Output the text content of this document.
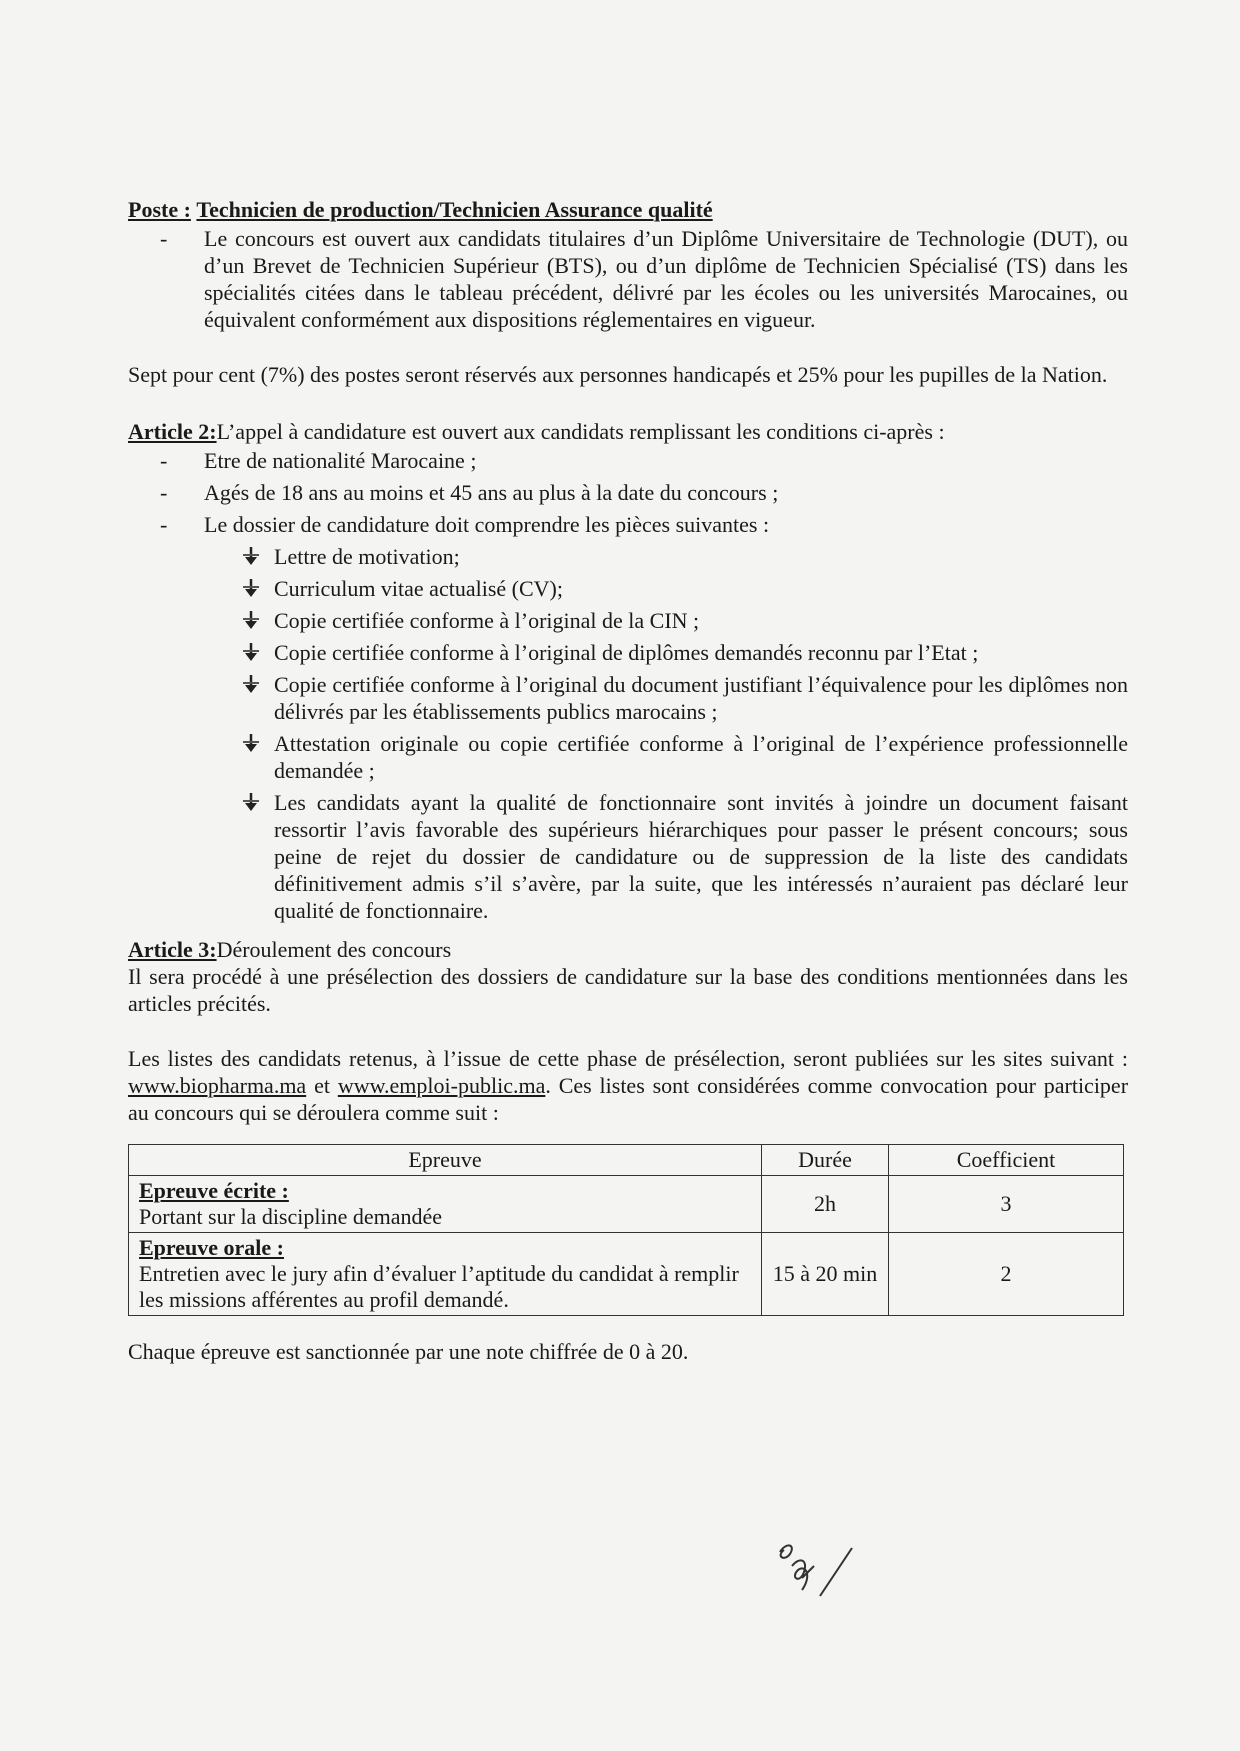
Poste : Technicien de production/Technicien Assurance qualité
- Le concours est ouvert aux candidats titulaires d’un Diplôme Universitaire de Technologie (DUT), ou d’un Brevet de Technicien Supérieur (BTS), ou d’un diplôme de Technicien Spécialisé (TS) dans les spécialités citées dans le tableau précédent, délivré par les écoles ou les universités Marocaines, ou équivalent conformément aux dispositions réglementaires en vigueur.

Sept pour cent (7%) des postes seront réservés aux personnes handicapés et 25% pour les pupilles de la Nation.

Article 2:L’appel à candidature est ouvert aux candidats remplissant les conditions ci-après :
- Etre de nationalité Marocaine ;
- Agés de 18 ans au moins et 45 ans au plus à la date du concours ;
- Le dossier de candidature doit comprendre les pièces suivantes :
Lettre de motivation;
Curriculum vitae actualisé (CV);
Copie certifiée conforme à l’original de la CIN ;
Copie certifiée conforme à l’original de diplômes demandés reconnu par l’Etat ;
Copie certifiée conforme à l’original du document justifiant l’équivalence pour les diplômes non délivrés par les établissements publics marocains ;
Attestation originale ou copie certifiée conforme à l’original de l’expérience professionnelle demandée ;
Les candidats ayant la qualité de fonctionnaire sont invités à joindre un document faisant ressortir l’avis favorable des supérieurs hiérarchiques pour passer le présent concours; sous peine de rejet du dossier de candidature ou de suppression de la liste des candidats définitivement admis s’il s’avère, par la suite, que les intéressés n’auraient pas déclaré leur qualité de fonctionnaire.
Article 3:Déroulement des concours

Il sera procédé à une présélection des dossiers de candidature sur la base des conditions mentionnées dans les articles précités.

Les listes des candidats retenus, à l’issue de cette phase de présélection, seront publiées sur les sites suivant : www.biopharma.ma et www.emploi-public.ma. Ces listes sont considérées comme convocation pour participer au concours qui se déroulera comme suit :

Epreuve	Durée	Coefficient

Epreuve écrite :
Portant sur la discipline demandée	2h	3

Epreuve orale :
Entretien avec le jury afin d’évaluer l’aptitude du candidat à remplir les missions afférentes au profil demandé.	15 à 20 min	2

Chaque épreuve est sanctionnée par une note chiffrée de 0 à 20.
